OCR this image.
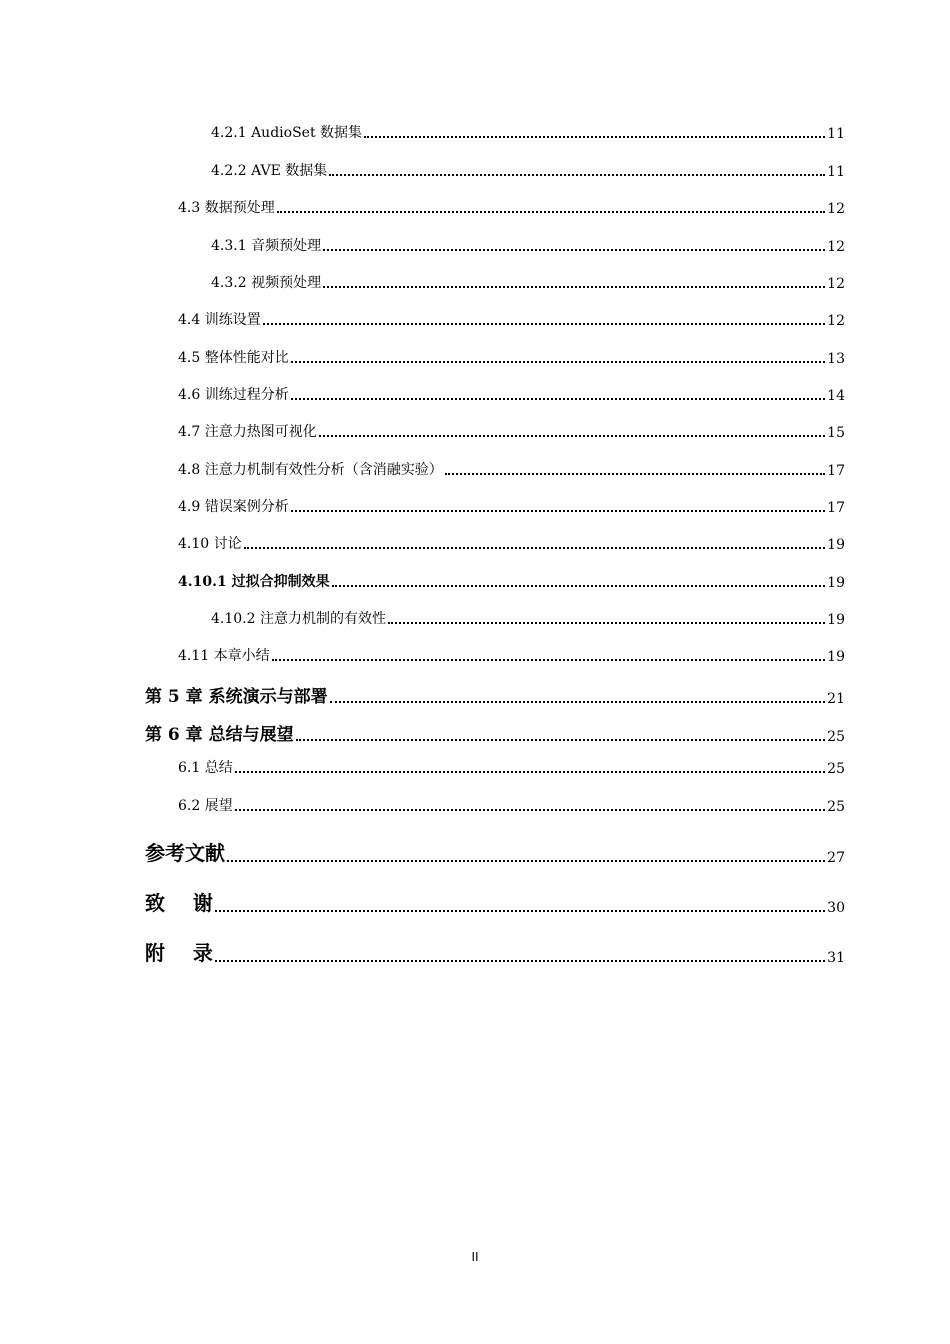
4.2.1 AudioSet 数据集	11
4.2.2 AVE 数据集	11
4.3 数据预处理	12
4.3.1 音频预处理	12
4.3.2 视频预处理	12
4.4 训练设置	12
4.5 整体性能对比	13
4.6 训练过程分析	14
4.7 注意力热图可视化	15
4.8 注意力机制有效性分析（含消融实验）	17
4.9 错误案例分析	17
4.10 讨论	19
4.10.1 过拟合抑制效果	19
4.10.2 注意力机制的有效性	19
4.11 本章小结	19
第 5 章 系统演示与部署	21
第 6 章 总结与展望	25
6.1 总结	25
6.2 展望	25
参考文献	27
致    谢	30
附    录	31
II
